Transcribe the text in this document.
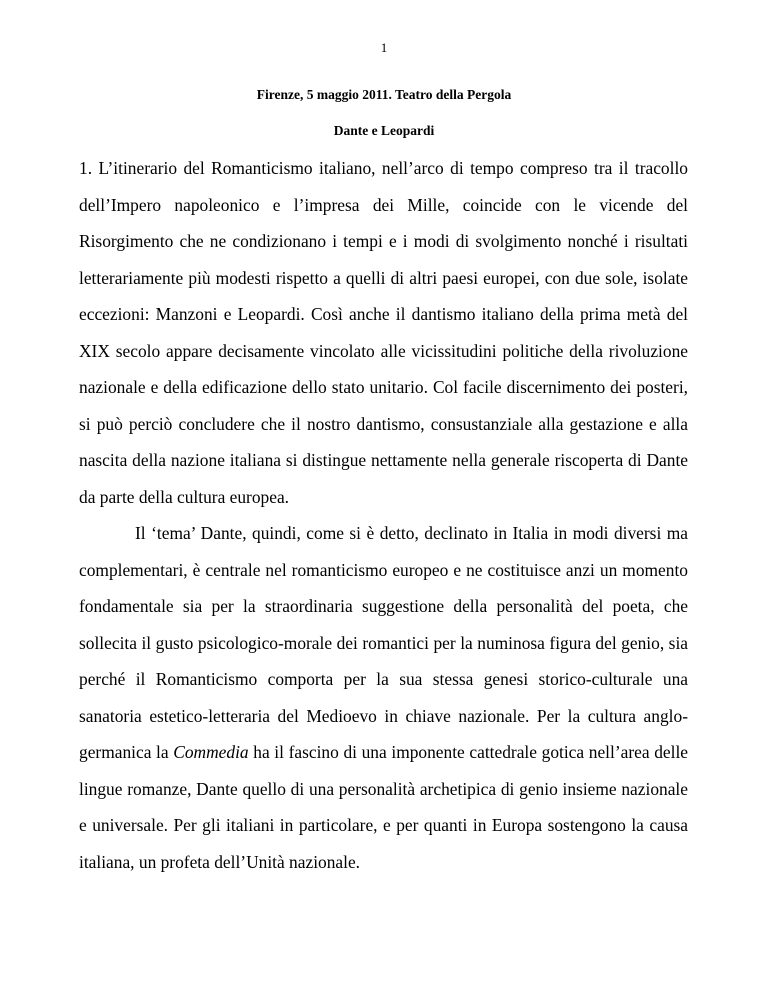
1
Firenze, 5 maggio 2011. Teatro della Pergola
Dante e Leopardi

1. L’itinerario del Romanticismo italiano, nell’arco di tempo compreso tra il tracollo dell’Impero napoleonico e l’impresa dei Mille, coincide con le vicende del Risorgimento che ne condizionano i tempi e i modi di svolgimento nonché i risultati letterariamente più modesti rispetto a quelli di altri paesi europei, con due sole, isolate eccezioni: Manzoni e Leopardi. Così anche il dantismo italiano della prima metà del XIX secolo appare decisamente vincolato alle vicissitudini politiche della rivoluzione nazionale e della edificazione dello stato unitario. Col facile discernimento dei posteri, si può perciò concludere che il nostro dantismo, consustanziale alla gestazione e alla nascita della nazione italiana si distingue nettamente nella generale riscoperta di Dante da parte della cultura europea.

Il ‘tema’ Dante, quindi, come si è detto, declinato in Italia in modi diversi ma complementari, è centrale nel romanticismo europeo e ne costituisce anzi un momento fondamentale sia per la straordinaria suggestione della personalità del poeta, che sollecita il gusto psicologico-morale dei romantici per la numinosa figura del genio, sia perché il Romanticismo comporta per la sua stessa genesi storico-culturale una sanatoria estetico-letteraria del Medioevo in chiave nazionale. Per la cultura anglo-germanica la Commedia ha il fascino di una imponente cattedrale gotica nell’area delle lingue romanze, Dante quello di una personalità archetipica di genio insieme nazionale e universale. Per gli italiani in particolare, e per quanti in Europa sostengono la causa italiana, un profeta dell’Unità nazionale.
